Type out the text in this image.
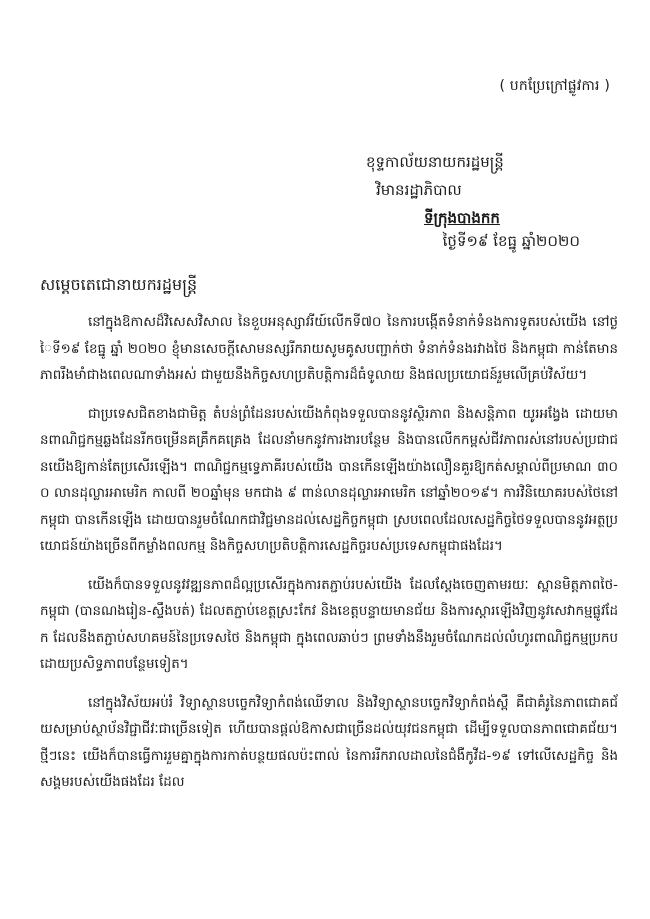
( បកប្រែក្រៅផ្លូវការ )
ខុទ្ទកាល័យនាយករដ្ឋមន្ត្រី
វិមានរដ្ឋាភិបាល
ទីក្រុងបាងកក
ថ្ងៃទី១៩ ខែធ្នូ ឆ្នាំ២០២០
សម្តេចតេជោនាយករដ្ឋមន្ត្រី

នៅក្នុងឱកាសដ៏វិសេសវិសាល នៃខួបអនុស្សាវរីយ៍លើកទី៧០ នៃការបង្កើតទំនាក់ទំនងការទូតរបស់យើង នៅថ្ងៃទី១៩ ខែធ្នូ ឆ្នាំ ២០២០ ខ្ញុំមានសេចក្តីសោមនស្សរីករាយសូមគូសបញ្ជាក់ថា ទំនាក់ទំនងរវាងថៃ និងកម្ពុជា កាន់តែមានភាពរឹងមាំជាងពេលណាទាំងអស់ ជាមួយនឹងកិច្ចសហប្រតិបត្តិការដ៏ធំទូលាយ និងផលប្រយោជន៍រួមលើគ្រប់វិស័យ។

ជាប្រទេសជិតខាងជាមិត្ត តំបន់ព្រំដែនរបស់យើងកំពុងទទួលបាននូវស្ថិរភាព និងសន្តិភាព យូរអង្វែង ដោយមានពាណិជ្ជកម្មឆ្លងដែនរីកចម្រើនគគ្រឹកគគ្រេង ដែលនាំមកនូវការងារបន្ថែម និងបានលើកកម្ពស់ជីវភាពរស់នៅរបស់ប្រជាជនយើងឱ្យកាន់តែប្រសើរឡើង។ ពាណិជ្ជកម្មទ្វេភាគីរបស់យើង បានកើនឡើងយ៉ាងលឿនគួរឱ្យកត់សម្គាល់ពីប្រមាណ ៣០០ លានដុល្លារអាមេរិក កាលពី ២០ឆ្នាំមុន មកជាង ៩ ពាន់លានដុល្លារអាមេរិក នៅឆ្នាំ២០១៩។ ការវិនិយោគរបស់ថៃនៅកម្ពុជា បានកើនឡើង ដោយបានរួមចំណែកជាវិជ្ជមានដល់សេដ្ឋកិច្ចកម្ពុជា ស្របពេលដែលសេដ្ឋកិច្ចថៃទទួលបាននូវអត្ថប្រយោជន៍យ៉ាងច្រើនពីកម្លាំងពលកម្ម និងកិច្ចសហប្រតិបត្តិការសេដ្ឋកិច្ចរបស់ប្រទេសកម្ពុជាផងដែរ។

យើងក៏បានទទួលនូវវឌ្ឍនភាពដ៏ល្អប្រសើរក្នុងការតភ្ជាប់របស់យើង ដែលស្តែងចេញតាមរយៈ ស្ពានមិត្តភាពថៃ-កម្ពុជា (បានណងរៀន-ស្ទឹងបត់) ដែលតភ្ជាប់ខេត្តស្រះកែវ និងខេត្តបន្ទាយមានជ័យ និងការស្តារឡើងវិញនូវសេវាកម្មផ្លូវដែក ដែលនឹងតភ្ជាប់សហគមន៍នៃប្រទេសថៃ និងកម្ពុជា ក្នុងពេលឆាប់ៗ ព្រមទាំងនឹងរួមចំណែកដល់លំហូរពាណិជ្ជកម្មប្រកបដោយប្រសិទ្ធភាពបន្ថែមទៀត។

នៅក្នុងវិស័យអប់រំ វិទ្យាស្ថានបច្ចេកវិទ្យាកំពង់ឈើទាល និងវិទ្យាស្ថានបច្ចេកវិទ្យាកំពង់ស្ពឺ គឺជាគំរូនៃភាពជោគជ័យសម្រាប់ស្ថាប័នវិជ្ជាជីវៈជាច្រើនទៀត ហើយបានផ្តល់ឱកាសជាច្រើនដល់យុវជនកម្ពុជា ដើម្បីទទួលបានភាពជោគជ័យ។ ថ្មីៗនេះ យើងក៏បានធ្វើការរួមគ្នាក្នុងការកាត់បន្ថយផលប៉ះពាល់ នៃការរីករាលដាលនៃជំងឺកូវីដ-១៩ ទៅលើសេដ្ឋកិច្ច និងសង្គមរបស់យើងផងដែរ ដែល
